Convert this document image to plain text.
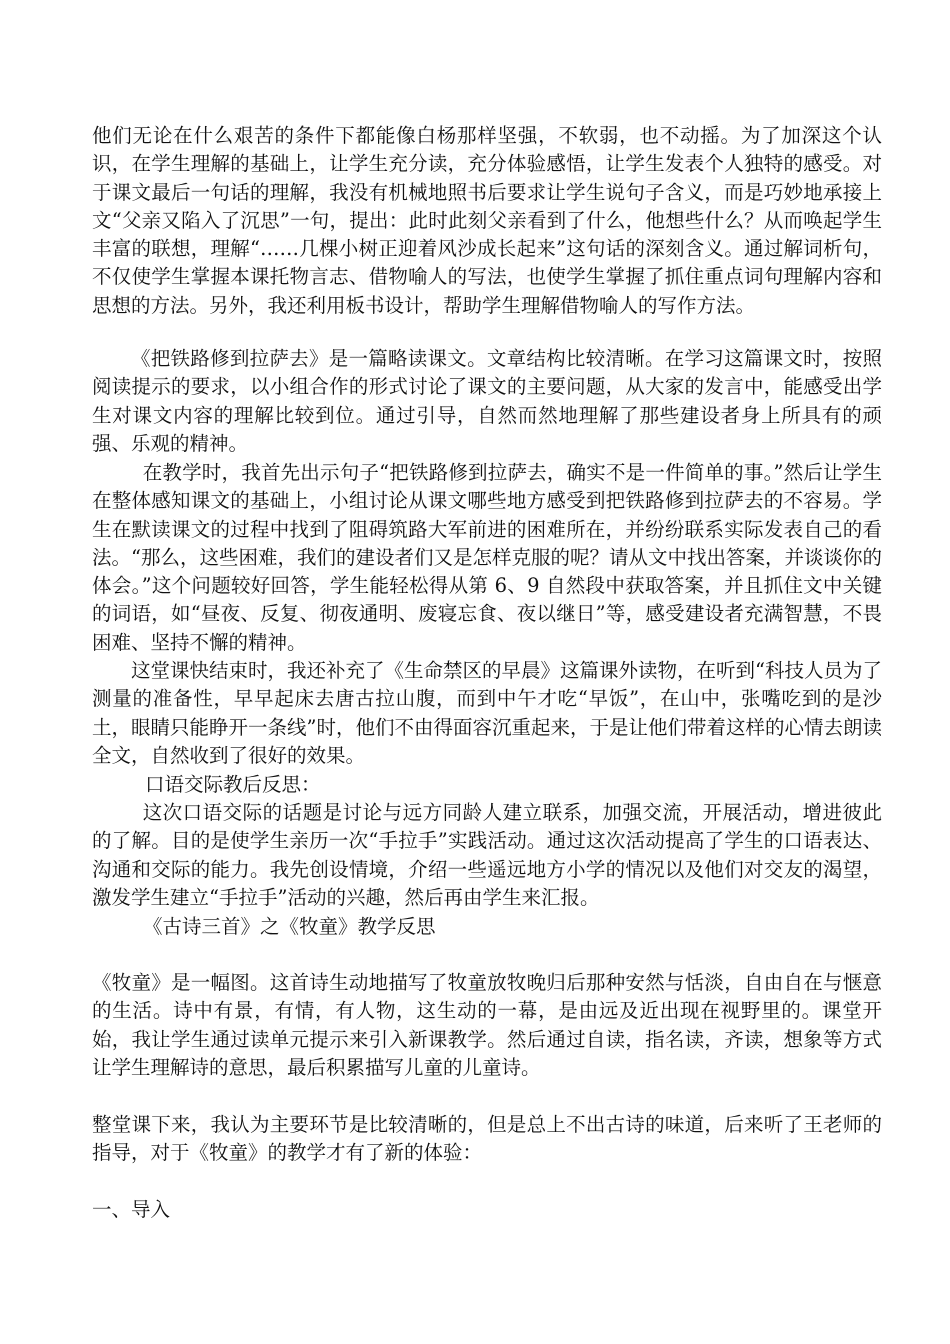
他们无论在什么艰苦的条件下都能像白杨那样坚强，不软弱，也不动摇。为了加深这个认识，在学生理解的基础上，让学生充分读，充分体验感悟，让学生发表个人独特的感受。对于课文最后一句话的理解，我没有机械地照书后要求让学生说句子含义，而是巧妙地承接上文“父亲又陷入了沉思”一句，提出：此时此刻父亲看到了什么，他想些什么？从而唤起学生丰富的联想，理解“……几棵小树正迎着风沙成长起来”这句话的深刻含义。通过解词析句，不仅使学生掌握本课托物言志、借物喻人的写法，也使学生掌握了抓住重点词句理解内容和思想的方法。另外，我还利用板书设计，帮助学生理解借物喻人的写作方法。

《把铁路修到拉萨去》是一篇略读课文。文章结构比较清晰。在学习这篇课文时，按照阅读提示的要求，以小组合作的形式讨论了课文的主要问题，从大家的发言中，能感受出学生对课文内容的理解比较到位。通过引导，自然而然地理解了那些建设者身上所具有的顽强、乐观的精神。

在教学时，我首先出示句子“把铁路修到拉萨去，确实不是一件简单的事。”然后让学生在整体感知课文的基础上，小组讨论从课文哪些地方感受到把铁路修到拉萨去的不容易。学生在默读课文的过程中找到了阻碍筑路大军前进的困难所在，并纷纷联系实际发表自己的看法。“那么，这些困难，我们的建设者们又是怎样克服的呢？请从文中找出答案，并谈谈你的体会。”这个问题较好回答，学生能轻松得从第 6、9 自然段中获取答案，并且抓住文中关键的词语，如“昼夜、反复、彻夜通明、废寝忘食、夜以继日”等，感受建设者充满智慧，不畏困难、坚持不懈的精神。

这堂课快结束时，我还补充了《生命禁区的早晨》这篇课外读物，在听到“科技人员为了测量的准备性，早早起床去唐古拉山腹，而到中午才吃“早饭”，在山中，张嘴吃到的是沙土，眼睛只能睁开一条线”时，他们不由得面容沉重起来，于是让他们带着这样的心情去朗读全文，自然收到了很好的效果。

口语交际教后反思：

这次口语交际的话题是讨论与远方同龄人建立联系，加强交流，开展活动，增进彼此的了解。目的是使学生亲历一次“手拉手”实践活动。通过这次活动提高了学生的口语表达、沟通和交际的能力。我先创设情境，介绍一些遥远地方小学的情况以及他们对交友的渴望，激发学生建立“手拉手”活动的兴趣，然后再由学生来汇报。

《古诗三首》之《牧童》教学反思

《牧童》是一幅图。这首诗生动地描写了牧童放牧晚归后那种安然与恬淡，自由自在与惬意的生活。诗中有景，有情，有人物，这生动的一幕，是由远及近出现在视野里的。课堂开始，我让学生通过读单元提示来引入新课教学。然后通过自读，指名读，齐读，想象等方式让学生理解诗的意思，最后积累描写儿童的儿童诗。

整堂课下来，我认为主要环节是比较清晰的，但是总上不出古诗的味道，后来听了王老师的指导，对于《牧童》的教学才有了新的体验：

一、导入
